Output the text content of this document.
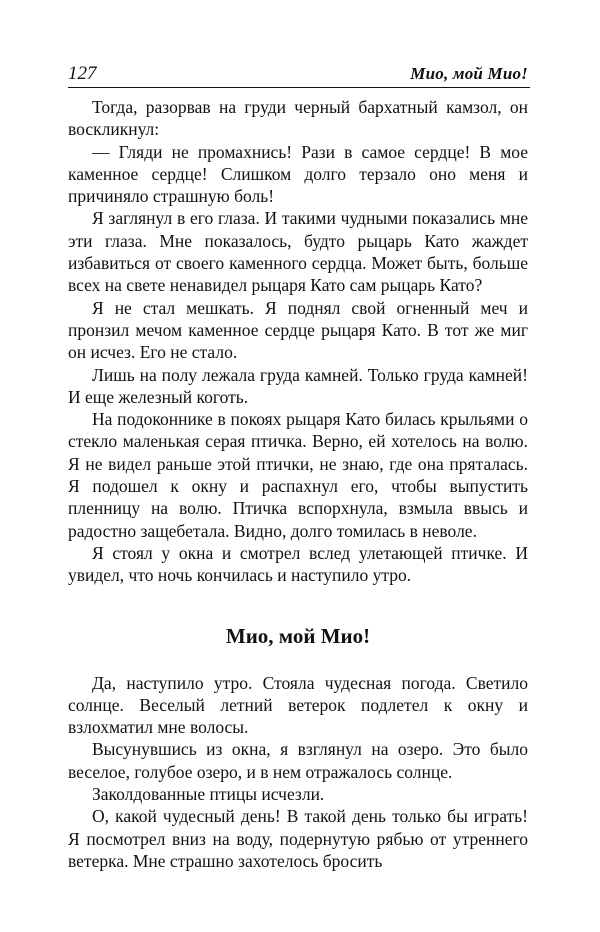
127	Мио, мой Мио!

Тогда, разорвав на груди черный бархатный камзол, он воскликнул:

— Гляди не промахнись! Рази в самое сердце! В мое каменное сердце! Слишком долго терзало оно меня и причиняло страшную боль!

Я заглянул в его глаза. И такими чудными показались мне эти глаза. Мне показалось, будто рыцарь Като жаждет избавиться от своего каменного сердца. Может быть, больше всех на свете ненавидел рыцаря Като сам рыцарь Като?

Я не стал мешкать. Я поднял свой огненный меч и пронзил мечом каменное сердце рыцаря Като. В тот же миг он исчез. Его не стало.

Лишь на полу лежала груда камней. Только груда камней! И еще железный коготь.

На подоконнике в покоях рыцаря Като билась крыльями о стекло маленькая серая птичка. Верно, ей хотелось на волю. Я не видел раньше этой птички, не знаю, где она пряталась. Я подошел к окну и распахнул его, чтобы выпустить пленницу на волю. Птичка вспорхнула, взмыла ввысь и радостно защебетала. Видно, долго томилась в неволе.

Я стоял у окна и смотрел вслед улетающей птичке. И увидел, что ночь кончилась и наступило утро.

Мио, мой Мио!

Да, наступило утро. Стояла чудесная погода. Светило солнце. Веселый летний ветерок подлетел к окну и взлохматил мне волосы.

Высунувшись из окна, я взглянул на озеро. Это было веселое, голубое озеро, и в нем отражалось солнце.

Заколдованные птицы исчезли.

О, какой чудесный день! В такой день только бы играть! Я посмотрел вниз на воду, подернутую рябью от утреннего ветерка. Мне страшно захотелось бросить
